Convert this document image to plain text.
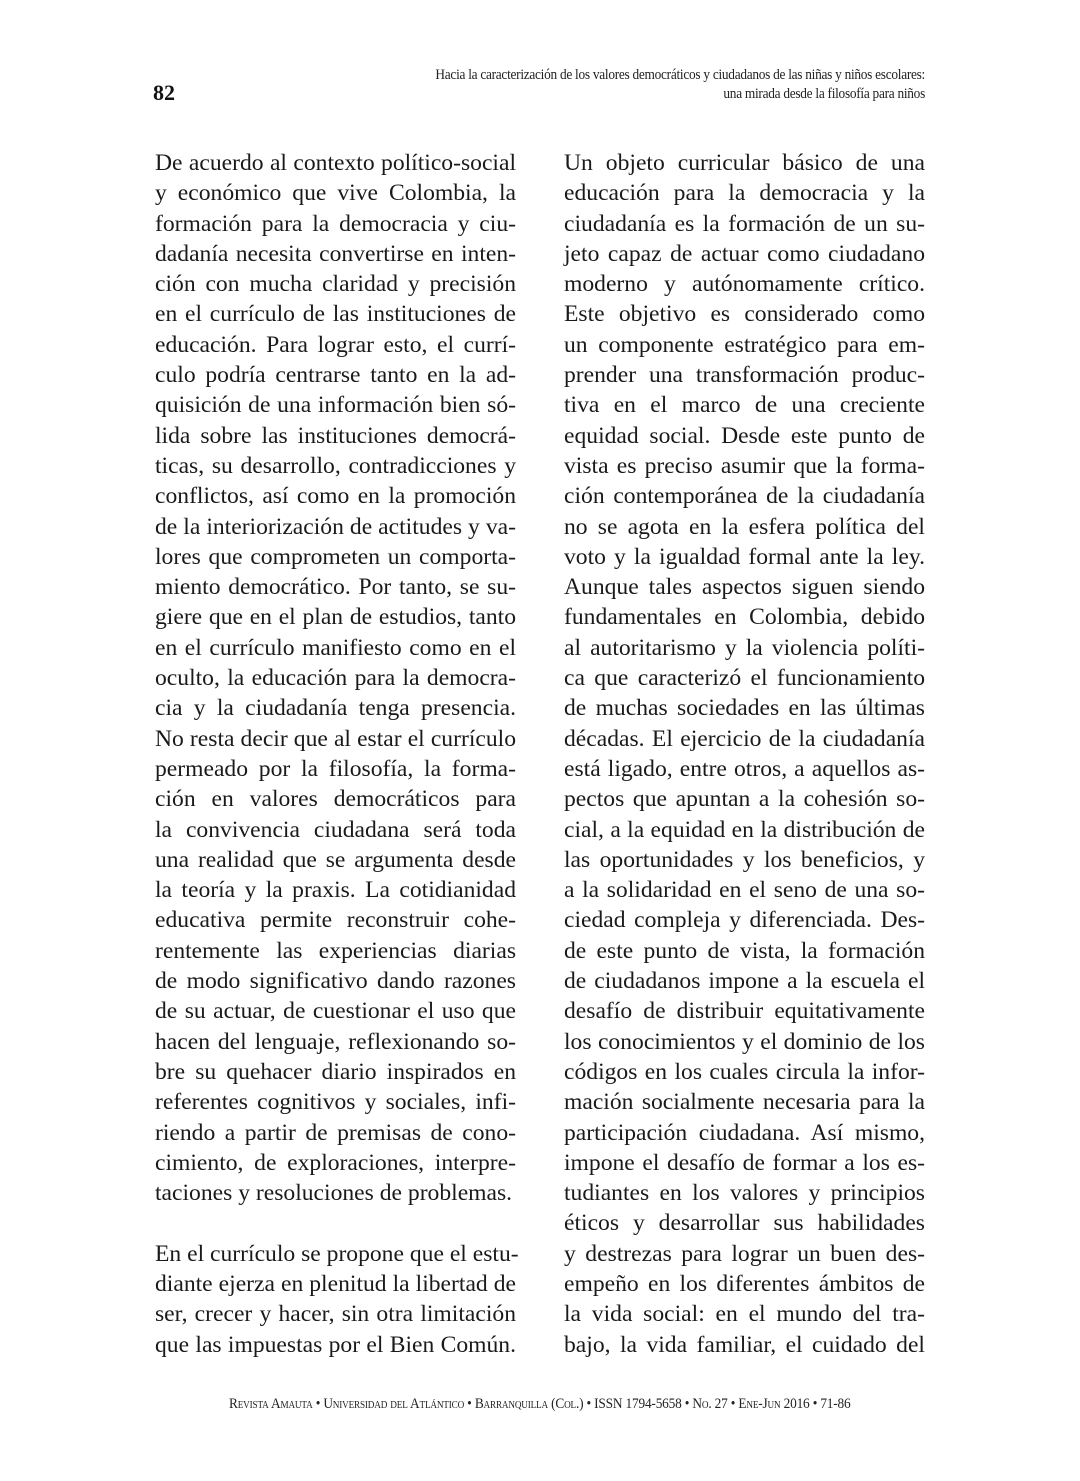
82
Hacia la caracterización de los valores democráticos y ciudadanos de las niñas y niños escolares:
una mirada desde la filosofía para niños
De acuerdo al contexto político-social
y económico que vive Colombia, la
formación para la democracia y ciu-
dadanía necesita convertirse en inten-
ción con mucha claridad y precisión
en el currículo de las instituciones de
educación. Para lograr esto, el currí-
culo podría centrarse tanto en la ad-
quisición de una información bien só-
lida sobre las instituciones democrá-
ticas, su desarrollo, contradicciones y
conflictos, así como en la promoción
de la interiorización de actitudes y va-
lores que comprometen un comporta-
miento democrático. Por tanto, se su-
giere que en el plan de estudios, tanto
en el currículo manifiesto como en el
oculto, la educación para la democra-
cia y la ciudadanía tenga presencia.
No resta decir que al estar el currículo
permeado por la filosofía, la forma-
ción en valores democráticos para
la convivencia ciudadana será toda
una realidad que se argumenta desde
la teoría y la praxis. La cotidianidad
educativa permite reconstruir cohe-
rentemente las experiencias diarias
de modo significativo dando razones
de su actuar, de cuestionar el uso que
hacen del lenguaje, reflexionando so-
bre su quehacer diario inspirados en
referentes cognitivos y sociales, infi-
riendo a partir de premisas de cono-
cimiento, de exploraciones, interpre-
taciones y resoluciones de problemas.
En el currículo se propone que el estu-
diante ejerza en plenitud la libertad de
ser, crecer y hacer, sin otra limitación
que las impuestas por el Bien Común.
Un objeto curricular básico de una
educación para la democracia y la
ciudadanía es la formación de un su-
jeto capaz de actuar como ciudadano
moderno y autónomamente crítico.
Este objetivo es considerado como
un componente estratégico para em-
prender una transformación produc-
tiva en el marco de una creciente
equidad social. Desde este punto de
vista es preciso asumir que la forma-
ción contemporánea de la ciudadanía
no se agota en la esfera política del
voto y la igualdad formal ante la ley.
Aunque tales aspectos siguen siendo
fundamentales en Colombia, debido
al autoritarismo y la violencia políti-
ca que caracterizó el funcionamiento
de muchas sociedades en las últimas
décadas. El ejercicio de la ciudadanía
está ligado, entre otros, a aquellos as-
pectos que apuntan a la cohesión so-
cial, a la equidad en la distribución de
las oportunidades y los beneficios, y
a la solidaridad en el seno de una so-
ciedad compleja y diferenciada. Des-
de este punto de vista, la formación
de ciudadanos impone a la escuela el
desafío de distribuir equitativamente
los conocimientos y el dominio de los
códigos en los cuales circula la infor-
mación socialmente necesaria para la
participación ciudadana. Así mismo,
impone el desafío de formar a los es-
tudiantes en los valores y principios
éticos y desarrollar sus habilidades
y destrezas para lograr un buen des-
empeño en los diferentes ámbitos de
la vida social: en el mundo del tra-
bajo, la vida familiar, el cuidado del
Revista Amauta • Universidad del Atlántico • Barranquilla (Col.) • ISSN 1794-5658 • No. 27 • Ene-Jun 2016 • 71-86
